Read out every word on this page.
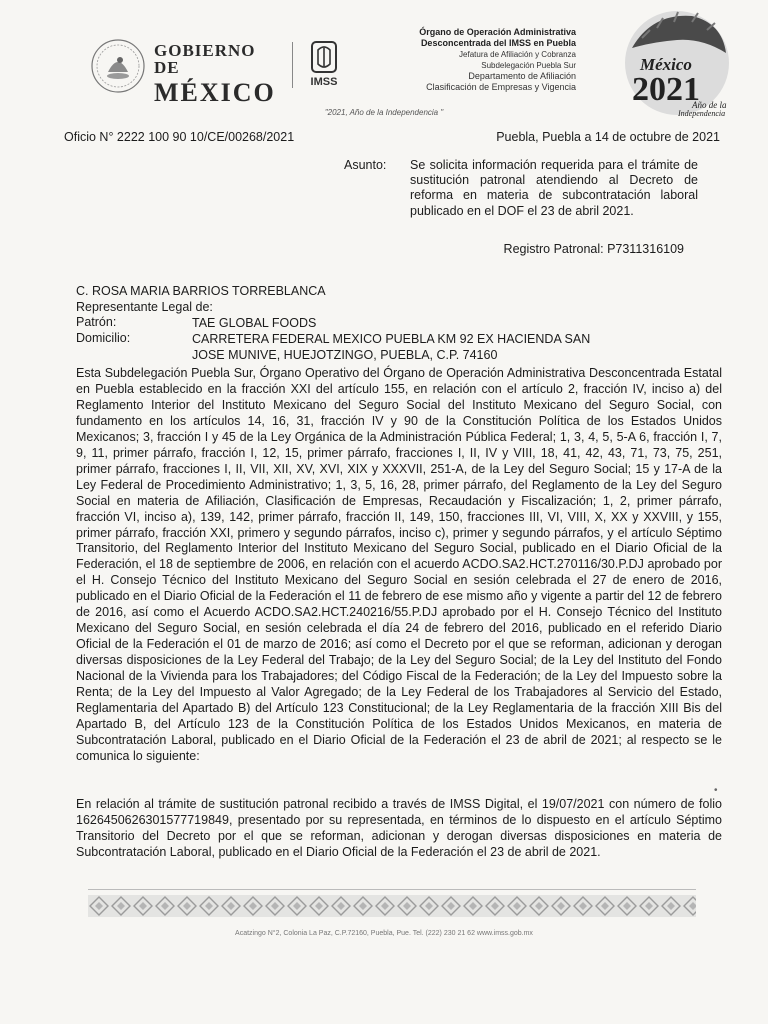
GOBIERNO DE
MÉXICO	IMSS
Órgano de Operación Administrativa
Desconcentrada del IMSS en Puebla
Jefatura de Afiliación y Cobranza
Subdelegación Puebla Sur
Departamento de Afiliación
Clasificación de Empresas y Vigencia
México
2021
Año de la
Independencia
"2021, Año de la Independencia "
Oficio N° 2222 100 90 10/CE/00268/2021	Puebla, Puebla a 14 de octubre de 2021
Asunto: Se solicita información requerida para el trámite de sustitución patronal atendiendo al Decreto de reforma en materia de subcontratación laboral publicado en el DOF el 23 de abril 2021.
Registro Patronal: P7311316109
C. ROSA MARIA BARRIOS TORREBLANCA
Representante Legal de:
Patrón:	TAE GLOBAL FOODS
Domicilio:	CARRETERA FEDERAL MEXICO PUEBLA KM 92 EX HACIENDA SAN
JOSE MUNIVE, HUEJOTZINGO, PUEBLA, C.P. 74160
Esta Subdelegación Puebla Sur, Órgano Operativo del Órgano de Operación Administrativa Desconcentrada Estatal en Puebla establecido en la fracción XXI del artículo 155, en relación con el artículo 2, fracción IV, inciso a) del Reglamento Interior del Instituto Mexicano del Seguro Social del Instituto Mexicano del Seguro Social, con fundamento en los artículos 14, 16, 31, fracción IV y 90 de la Constitución Política de los Estados Unidos Mexicanos; 3, fracción I y 45 de la Ley Orgánica de la Administración Pública Federal; 1, 3, 4, 5, 5-A 6, fracción I, 7, 9, 11, primer párrafo, fracción I, 12, 15, primer párrafo, fracciones I, II, IV y VIII, 18, 41, 42, 43, 71, 73, 75, 251, primer párrafo, fracciones I, II, VII, XII, XV, XVI, XIX y XXXVII, 251-A, de la Ley del Seguro Social; 15 y 17-A de la Ley Federal de Procedimiento Administrativo; 1, 3, 5, 16, 28, primer párrafo, del Reglamento de la Ley del Seguro Social en materia de Afiliación, Clasificación de Empresas, Recaudación y Fiscalización; 1, 2, primer párrafo, fracción VI, inciso a), 139, 142, primer párrafo, fracción II, 149, 150, fracciones III, VI, VIII, X, XX y XXVIII, y 155, primer párrafo, fracción XXI, primero y segundo párrafos, inciso c), primer y segundo párrafos, y el artículo Séptimo Transitorio, del Reglamento Interior del Instituto Mexicano del Seguro Social, publicado en el Diario Oficial de la Federación, el 18 de septiembre de 2006, en relación con el acuerdo ACDO.SA2.HCT.270116/30.P.DJ aprobado por el H. Consejo Técnico del Instituto Mexicano del Seguro Social en sesión celebrada el 27 de enero de 2016, publicado en el Diario Oficial de la Federación el 11 de febrero de ese mismo año y vigente a partir del 12 de febrero de 2016, así como el Acuerdo ACDO.SA2.HCT.240216/55.P.DJ aprobado por el H. Consejo Técnico del Instituto Mexicano del Seguro Social, en sesión celebrada el día 24 de febrero del 2016, publicado en el referido Diario Oficial de la Federación el 01 de marzo de 2016; así como el Decreto por el que se reforman, adicionan y derogan diversas disposiciones de la Ley Federal del Trabajo; de la Ley del Seguro Social; de la Ley del Instituto del Fondo Nacional de la Vivienda para los Trabajadores; del Código Fiscal de la Federación; de la Ley del Impuesto sobre la Renta; de la Ley del Impuesto al Valor Agregado; de la Ley Federal de los Trabajadores al Servicio del Estado, Reglamentaria del Apartado B) del Artículo 123 Constitucional; de la Ley Reglamentaria de la fracción XIII Bis del Apartado B, del Artículo 123 de la Constitución Política de los Estados Unidos Mexicanos, en materia de Subcontratación Laboral, publicado en el Diario Oficial de la Federación el 23 de abril de 2021; al respecto se le comunica lo siguiente:
•
En relación al trámite de sustitución patronal recibido a través de IMSS Digital, el 19/07/2021 con número de folio 1626450626301577719849, presentado por su representada, en términos de lo dispuesto en el artículo Séptimo Transitorio del Decreto por el que se reforman, adicionan y derogan diversas disposiciones en materia de Subcontratación Laboral, publicado en el Diario Oficial de la Federación el 23 de abril de 2021.
Acatzingo N°2, Colonia La Paz, C.P.72160, Puebla, Pue. Tel. (222) 230 21 62 www.imss.gob.mx
